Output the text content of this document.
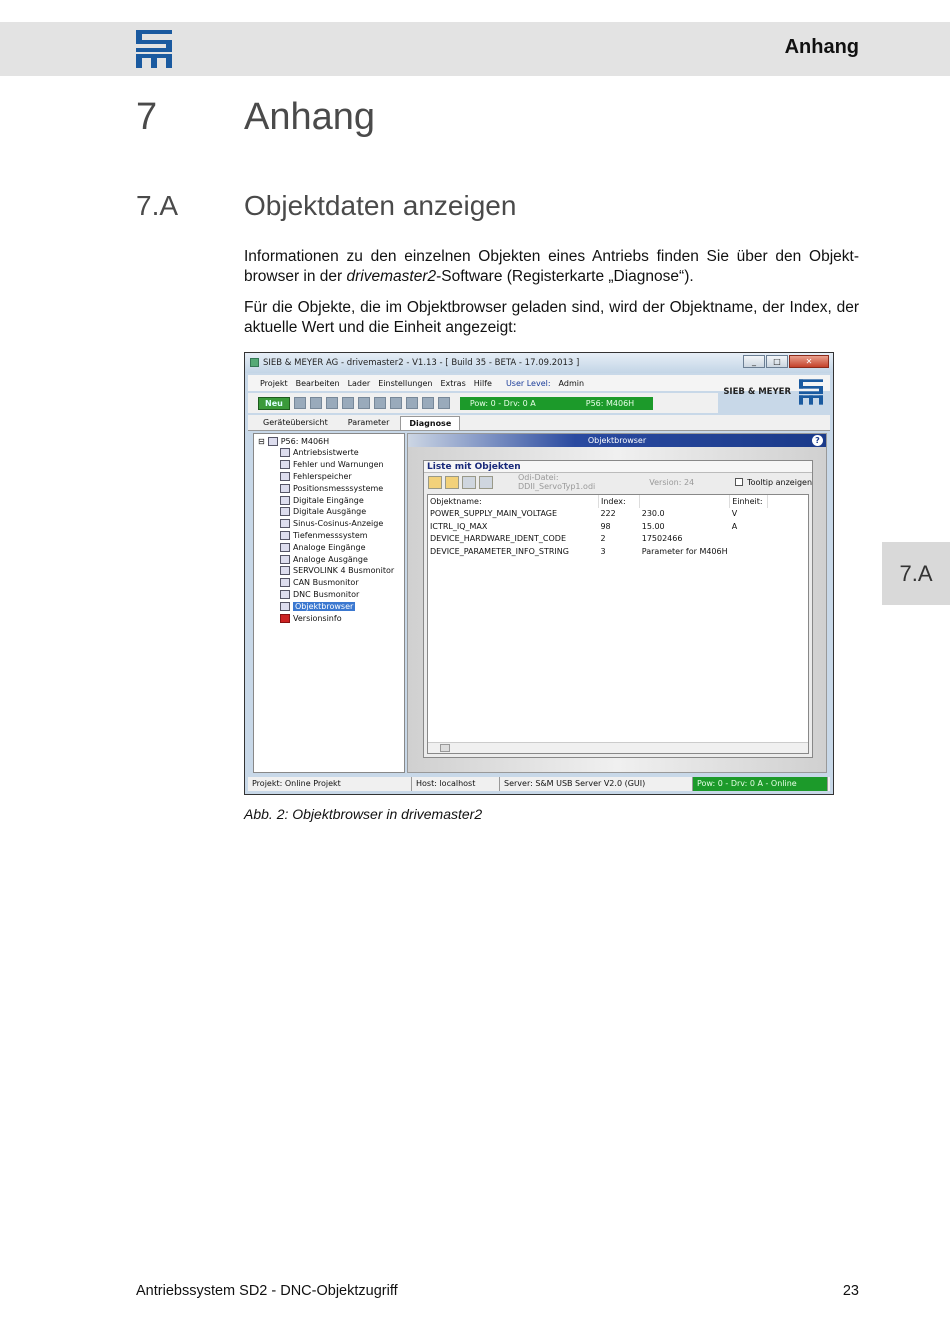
Anhang
7 Anhang
7.A Objektdaten anzeigen

Informationen zu den einzelnen Objekten eines Antriebs finden Sie über den Objektbrowser in der drivemaster2-Software (Registerkarte „Diagnose“).

Für die Objekte, die im Objektbrowser geladen sind, wird der Objektname, der Index, der aktuelle Wert und die Einheit angezeigt:

7.A
SIEB & MEYER AG - drivemaster2 - V1.13 - [ Build 35 - BETA - 17.09.2013 ]	_	□	✕
Projekt Bearbeiten Lader Einstellungen Extras Hilfe User Level: Admin
SIEB & MEYER
Neu	Pow: 0 - Drv: 0 A	P56: M406H
Geräteübersicht	Parameter	Diagnose
⊟ P56: M406H
Antriebsistwerte
Fehler und Warnungen
Fehlerspeicher
Positionsmesssysteme
Digitale Eingänge
Digitale Ausgänge
Sinus-Cosinus-Anzeige
Tiefenmesssystem
Analoge Eingänge
Analoge Ausgänge
SERVOLINK 4 Busmonitor
CAN Busmonitor
DNC Busmonitor
Objektbrowser
Versionsinfo
Objektbrowser	?
Liste mit Objekten
Odi-Datei: DDII_ServoTyp1.odi	Version: 24	Tooltip anzeigen
Objektname:	Index:		Einheit:
POWER_SUPPLY_MAIN_VOLTAGE	222	230.0	V
ICTRL_IQ_MAX	98	15.00	A
DEVICE_HARDWARE_IDENT_CODE	2	17502466	
DEVICE_PARAMETER_INFO_STRING	3	Parameter for M406H	
Projekt: Online Projekt	Host: localhost	Server: S&M USB Server V2.0 (GUI)	Pow: 0 - Drv: 0 A - Online
Abb. 2: Objektbrowser in drivemaster2
Antriebssystem SD2 - DNC-Objektzugriff	23
